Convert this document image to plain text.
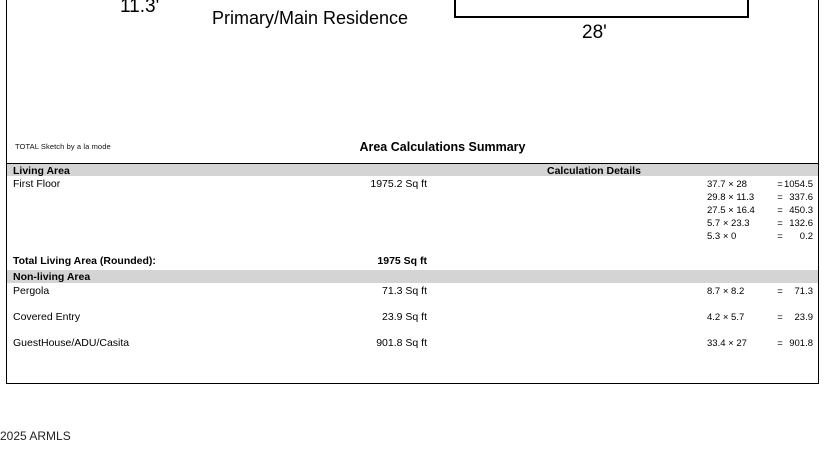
11.3'
Primary/Main Residence
28'
TOTAL Sketch by a la mode	Area Calculations Summary
Living Area	Calculation Details
First Floor	1975.2 Sq ft	37.7 × 28	= 1054.5
29.8 × 11.3	= 337.6
27.5 × 16.4	= 450.3
5.7 × 23.3	= 132.6
5.3 × 0	=	0.2
Total Living Area (Rounded):	1975 Sq ft
Non-living Area
Pergola	71.3 Sq ft	8.7 × 8.2	=	71.3
Covered Entry	23.9 Sq ft	4.2 × 5.7	=	23.9
GuestHouse/ADU/Casita	901.8 Sq ft	33.4 × 27	= 901.8
2025 ARMLS
